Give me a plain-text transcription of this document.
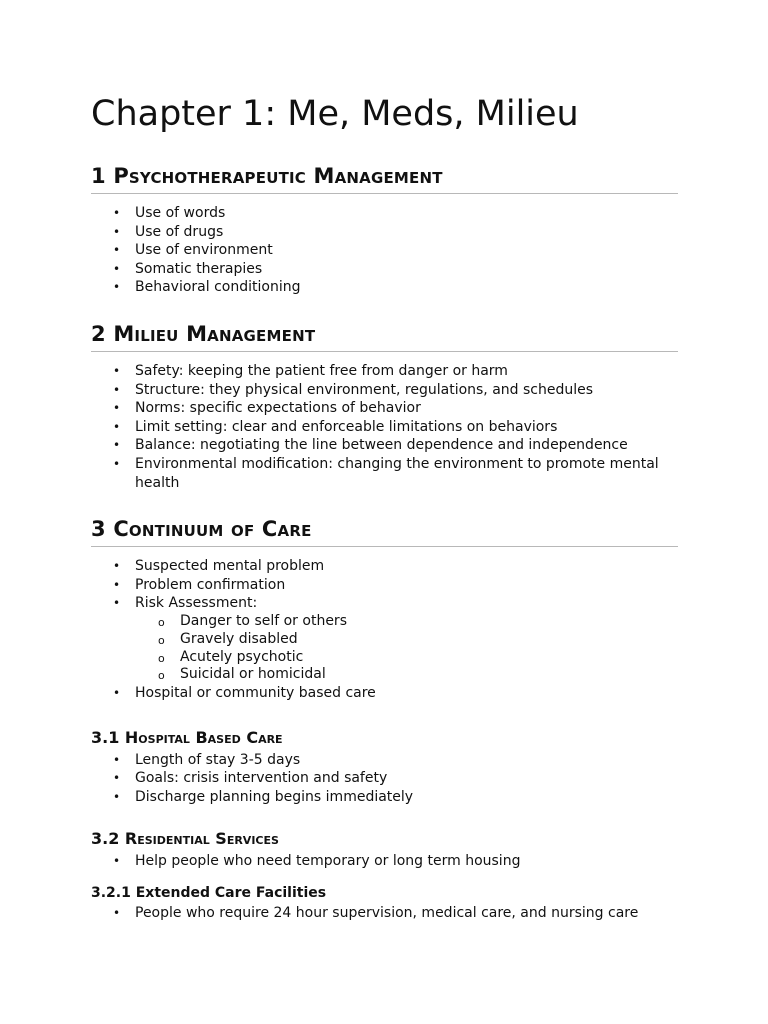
Chapter 1: Me, Meds, Milieu
1 Psychotherapeutic Management
• Use of words
• Use of drugs
• Use of environment
• Somatic therapies
• Behavioral conditioning
2 Milieu Management
• Safety: keeping the patient free from danger or harm
• Structure: they physical environment, regulations, and schedules
• Norms: specific expectations of behavior
• Limit setting: clear and enforceable limitations on behaviors
• Balance: negotiating the line between dependence and independence
• Environmental modification: changing the environment to promote mental health
3 Continuum of Care
• Suspected mental problem
• Problem confirmation
• Risk Assessment:
o Danger to self or others
o Gravely disabled
o Acutely psychotic
o Suicidal or homicidal
• Hospital or community based care
3.1 Hospital Based Care
• Length of stay 3-5 days
• Goals: crisis intervention and safety
• Discharge planning begins immediately
3.2 Residential Services
• Help people who need temporary or long term housing
3.2.1 Extended Care Facilities
• People who require 24 hour supervision, medical care, and nursing care
